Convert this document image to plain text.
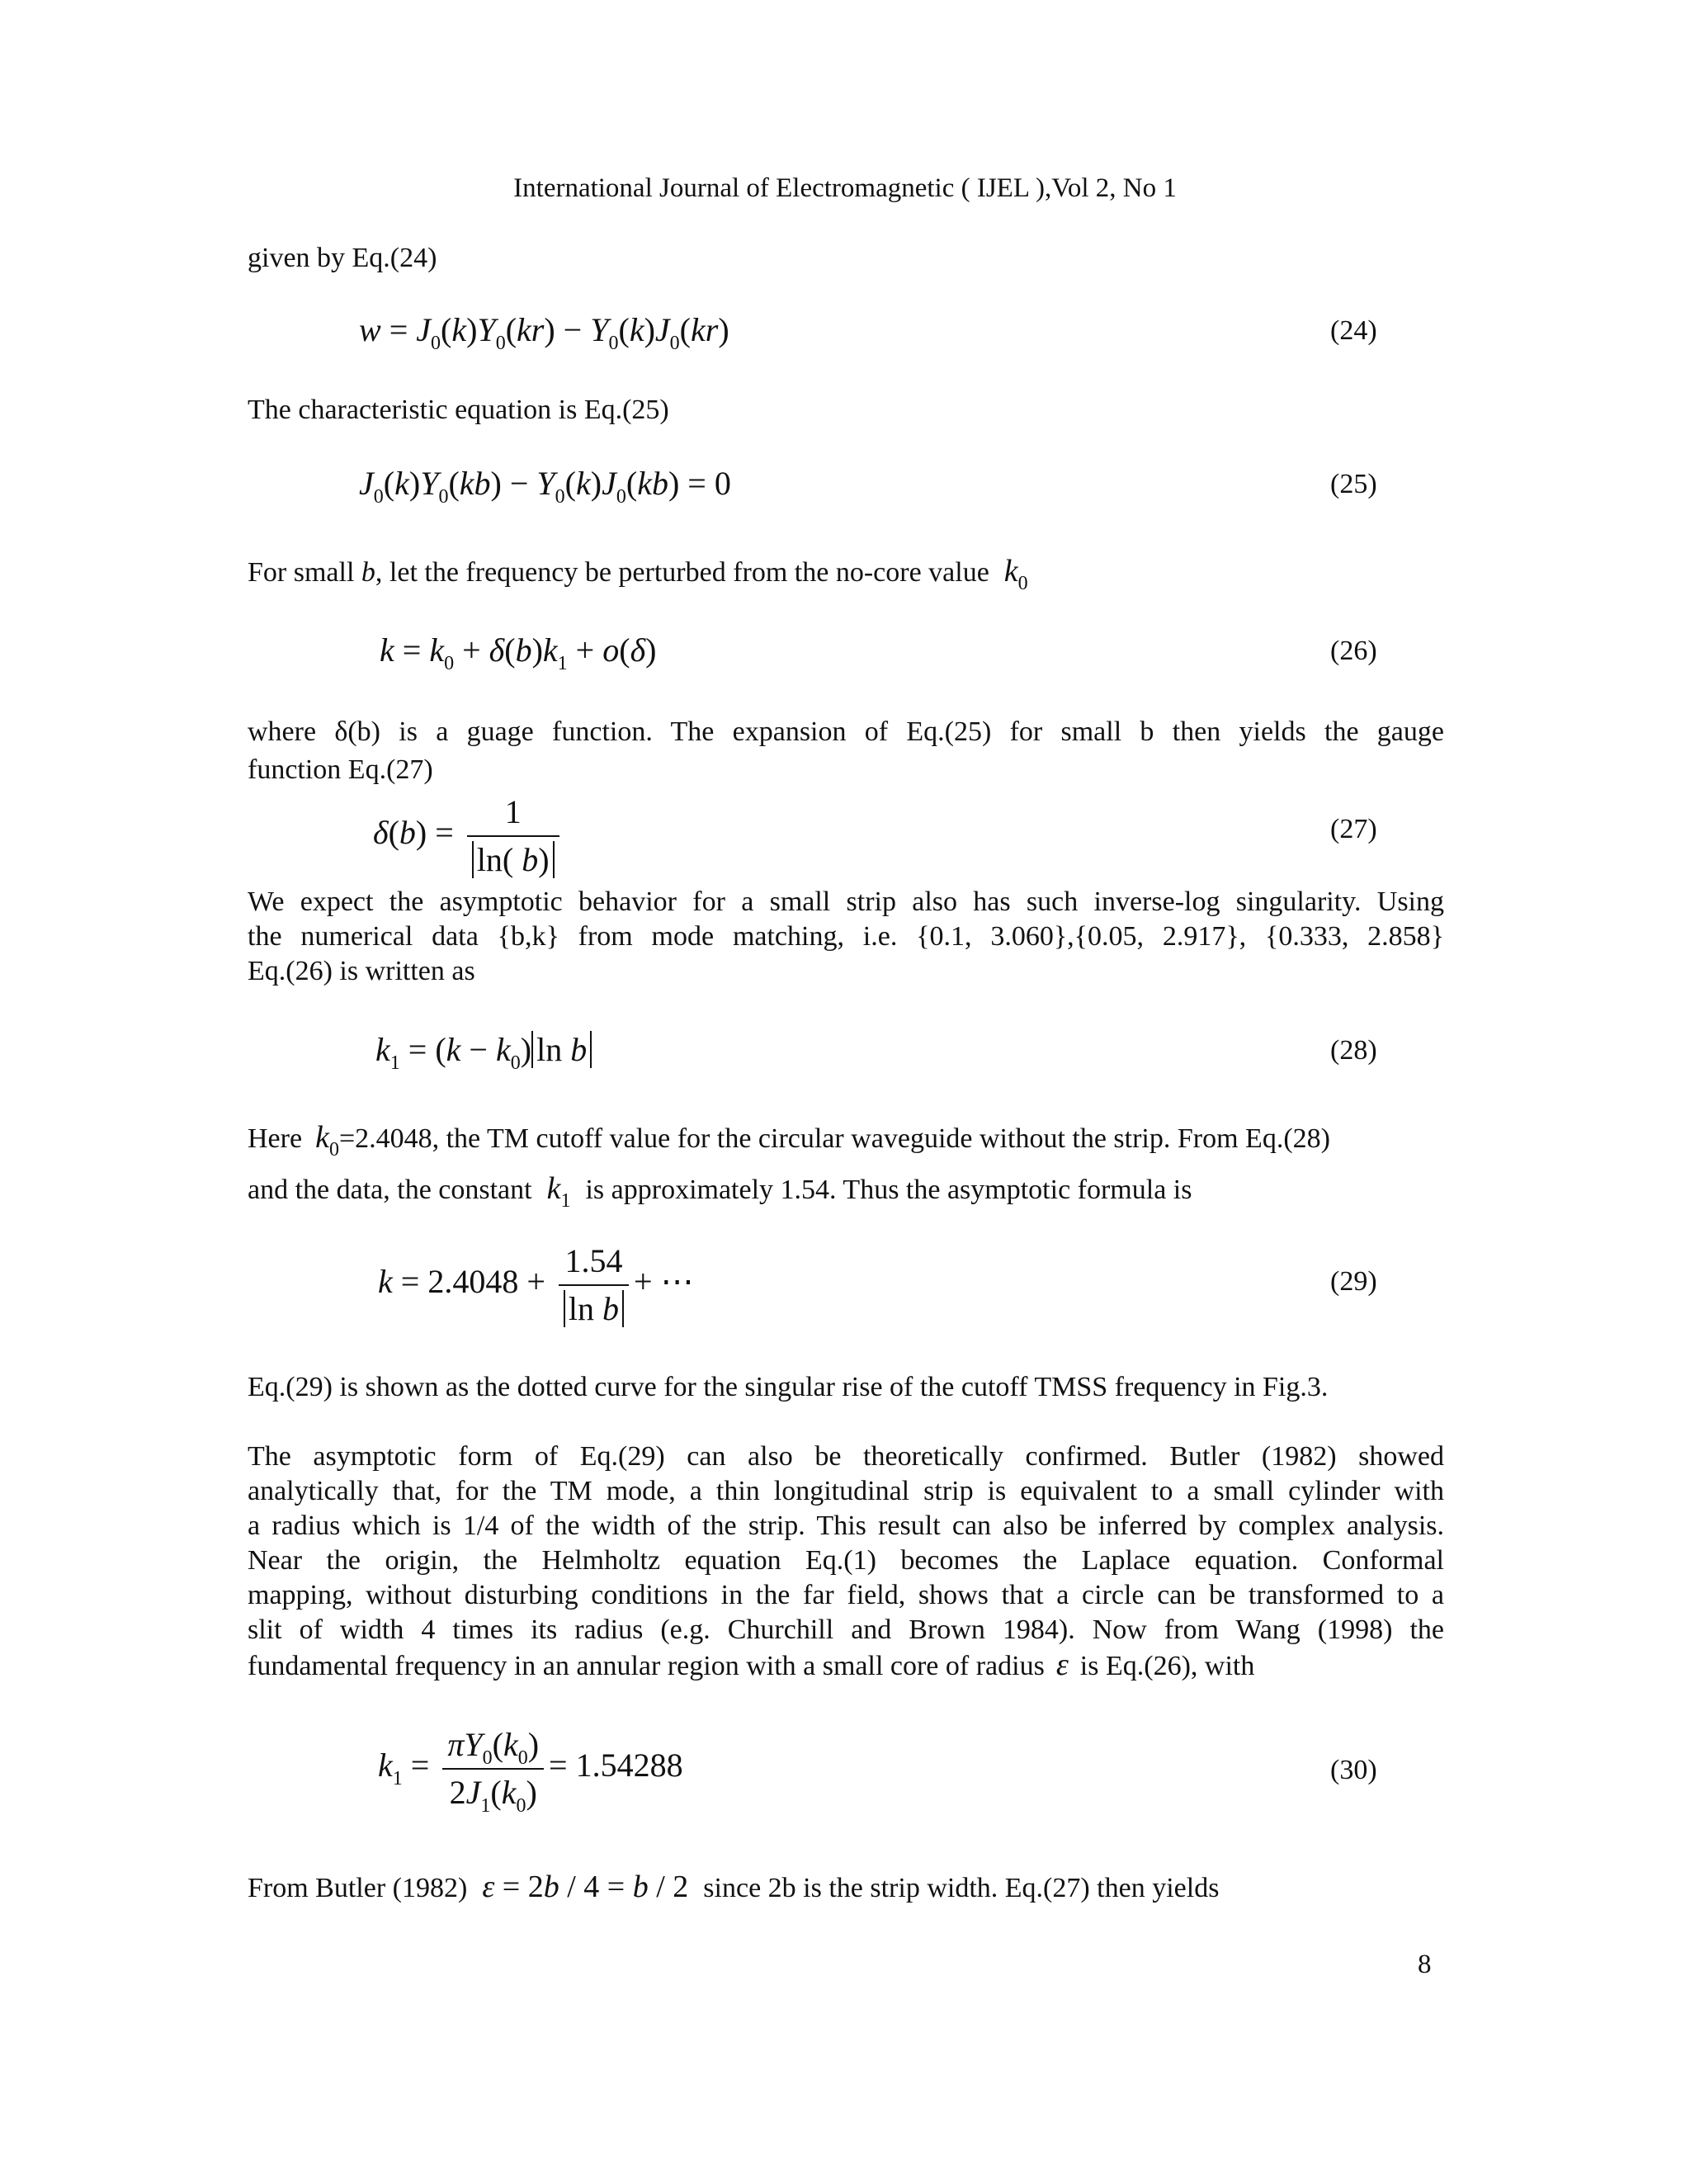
International Journal of Electromagnetic ( IJEL ),Vol 2, No 1
given by Eq.(24)
$w = J_0(k)Y_0(kr) - Y_0(k)J_0(kr)$	(24)
The characteristic equation is Eq.(25)
$J_0(k)Y_0(kb) - Y_0(k)J_0(kb) = 0$	(25)
For small b, let the frequency be perturbed from the no-core value $k_0$
$k = k_0 + \delta(b)k_1 + o(\delta)$	(26)
where δ(b) is a guage function. The expansion of Eq.(25) for small b then yields the gauge
function Eq.(27)
$\delta(b) = \frac{1}{\ln( b)}$	(27)
We expect the asymptotic behavior for a small strip also has such inverse-log singularity. Using
the numerical data {b,k} from mode matching, i.e. {0.1, 3.060},{0.05, 2.917}, {0.333, 2.858}
Eq.(26) is written as
$k_1 = (k - k_0)$ ln b	(28)
Here $k_0=2.4048$, the TM cutoff value for the circular waveguide without the strip. From Eq.(28)
and the data, the constant $k_1$ is approximately 1.54. Thus the asymptotic formula is
$k = 2.4048 + \frac{1.54}{\text{ln b}}$ + ⋯	(29)
Eq.(29) is shown as the dotted curve for the singular rise of the cutoff TMSS frequency in Fig.3.
The asymptotic form of Eq.(29) can also be theoretically confirmed. Butler (1982) showed
analytically that, for the TM mode, a thin longitudinal strip is equivalent to a small cylinder with
a radius which is 1/4 of the width of the strip. This result can also be inferred by complex analysis.
Near the origin, the Helmholtz equation Eq.(1) becomes the Laplace equation. Conformal
mapping, without disturbing conditions in the far field, shows that a circle can be transformed to a
slit of width 4 times its radius (e.g. Churchill and Brown 1984). Now from Wang (1998) the
fundamental frequency in an annular region with a small core of radius ε is Eq.(26), with
$k_1 = \frac{\pi Y_0(k_0)}{2J_1(k_0)} = 1.54288$	(30)
From Butler (1982) ε = 2b / 4 = b / 2 since 2b is the strip width. Eq.(27) then yields
8
